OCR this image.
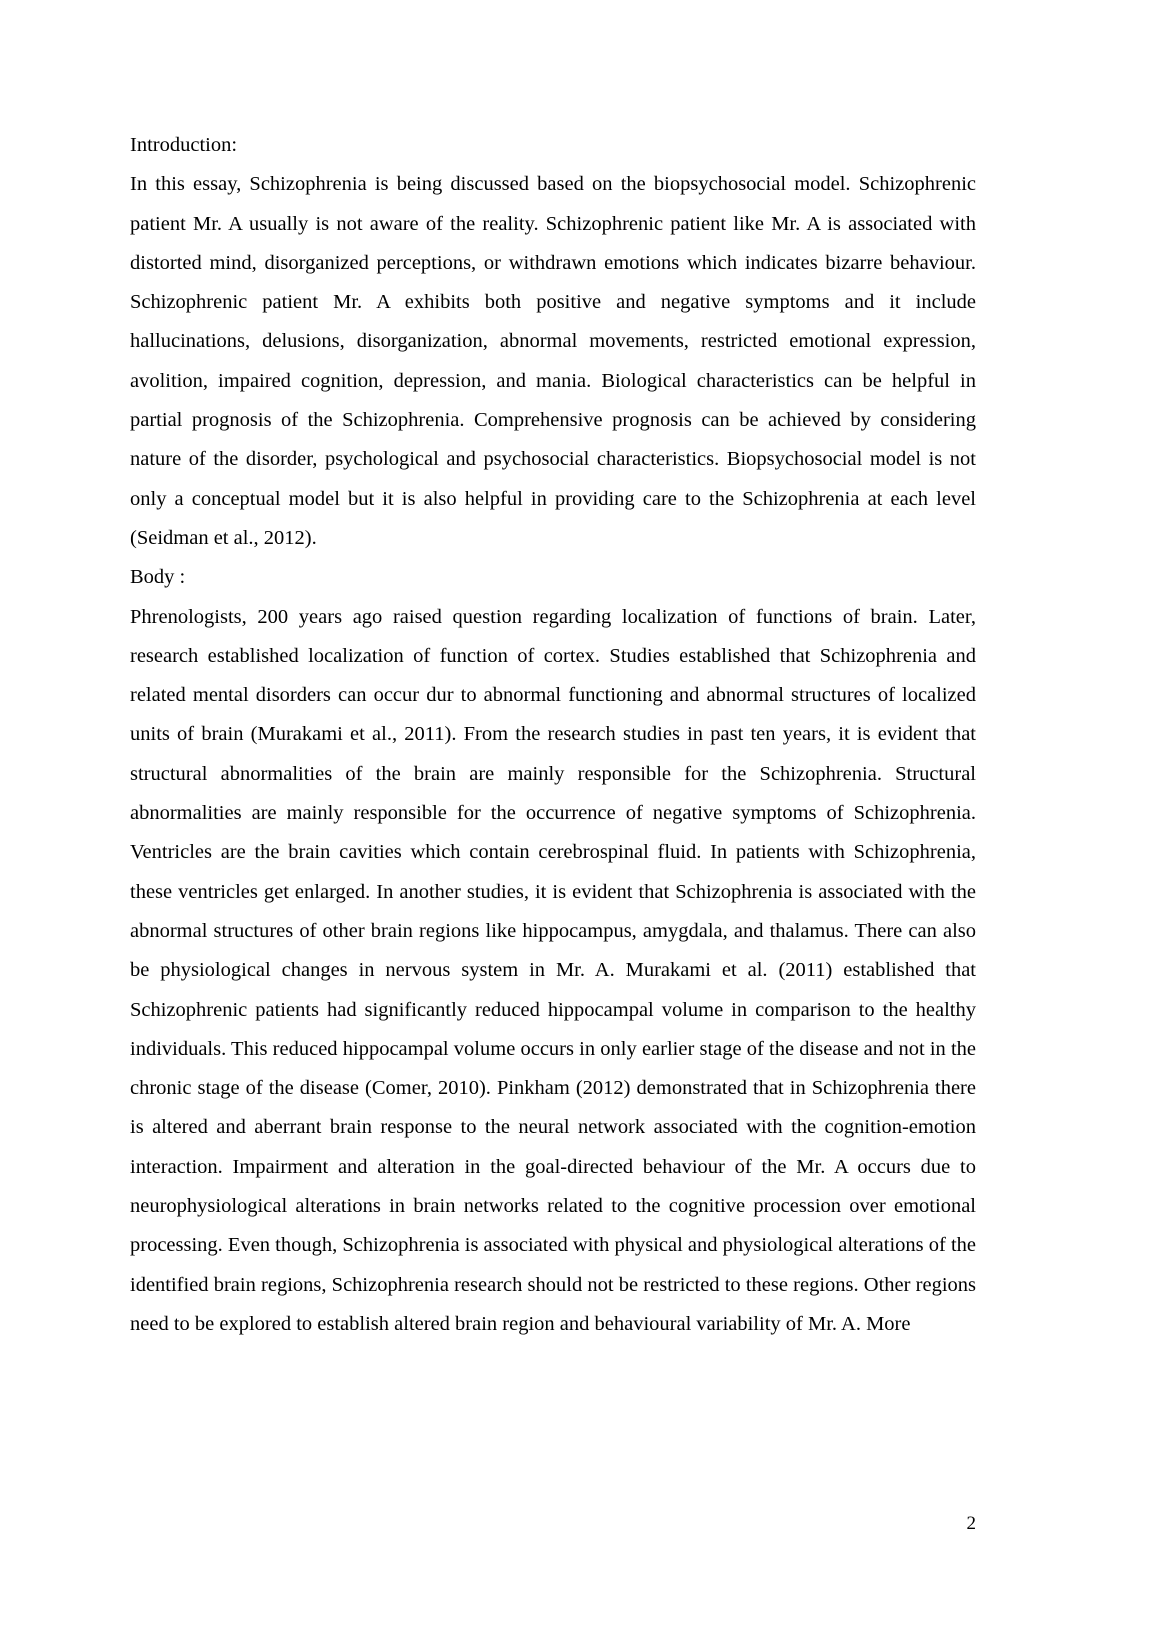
Introduction:

In this essay, Schizophrenia is being discussed based on the biopsychosocial model. Schizophrenic patient Mr. A usually is not aware of the reality. Schizophrenic patient like Mr. A is associated with distorted mind, disorganized perceptions, or withdrawn emotions which indicates bizarre behaviour. Schizophrenic patient Mr. A exhibits both positive and negative symptoms and it include hallucinations, delusions, disorganization, abnormal movements, restricted emotional expression, avolition, impaired cognition, depression, and mania. Biological characteristics can be helpful in partial prognosis of the Schizophrenia. Comprehensive prognosis can be achieved by considering nature of the disorder, psychological and psychosocial characteristics. Biopsychosocial model is not only a conceptual model but it is also helpful in providing care to the Schizophrenia at each level (Seidman et al., 2012).

Body :

Phrenologists, 200 years ago raised question regarding localization of functions of brain. Later, research established localization of function of cortex. Studies established that Schizophrenia and related mental disorders can occur dur to abnormal functioning and abnormal structures of localized units of brain (Murakami et al., 2011). From the research studies in past ten years, it is evident that structural abnormalities of the brain are mainly responsible for the Schizophrenia. Structural abnormalities are mainly responsible for the occurrence of negative symptoms of Schizophrenia. Ventricles are the brain cavities which contain cerebrospinal fluid. In patients with Schizophrenia, these ventricles get enlarged. In another studies, it is evident that Schizophrenia is associated with the abnormal structures of other brain regions like hippocampus, amygdala, and thalamus. There can also be physiological changes in nervous system in Mr. A. Murakami et al. (2011) established that Schizophrenic patients had significantly reduced hippocampal volume in comparison to the healthy individuals. This reduced hippocampal volume occurs in only earlier stage of the disease and not in the chronic stage of the disease (Comer, 2010). Pinkham (2012) demonstrated that in Schizophrenia there is altered and aberrant brain response to the neural network associated with the cognition-emotion interaction. Impairment and alteration in the goal-directed behaviour of the Mr. A occurs due to neurophysiological alterations in brain networks related to the cognitive procession over emotional processing. Even though, Schizophrenia is associated with physical and physiological alterations of the identified brain regions, Schizophrenia research should not be restricted to these regions. Other regions need to be explored to establish altered brain region and behavioural variability of Mr. A. More

2
